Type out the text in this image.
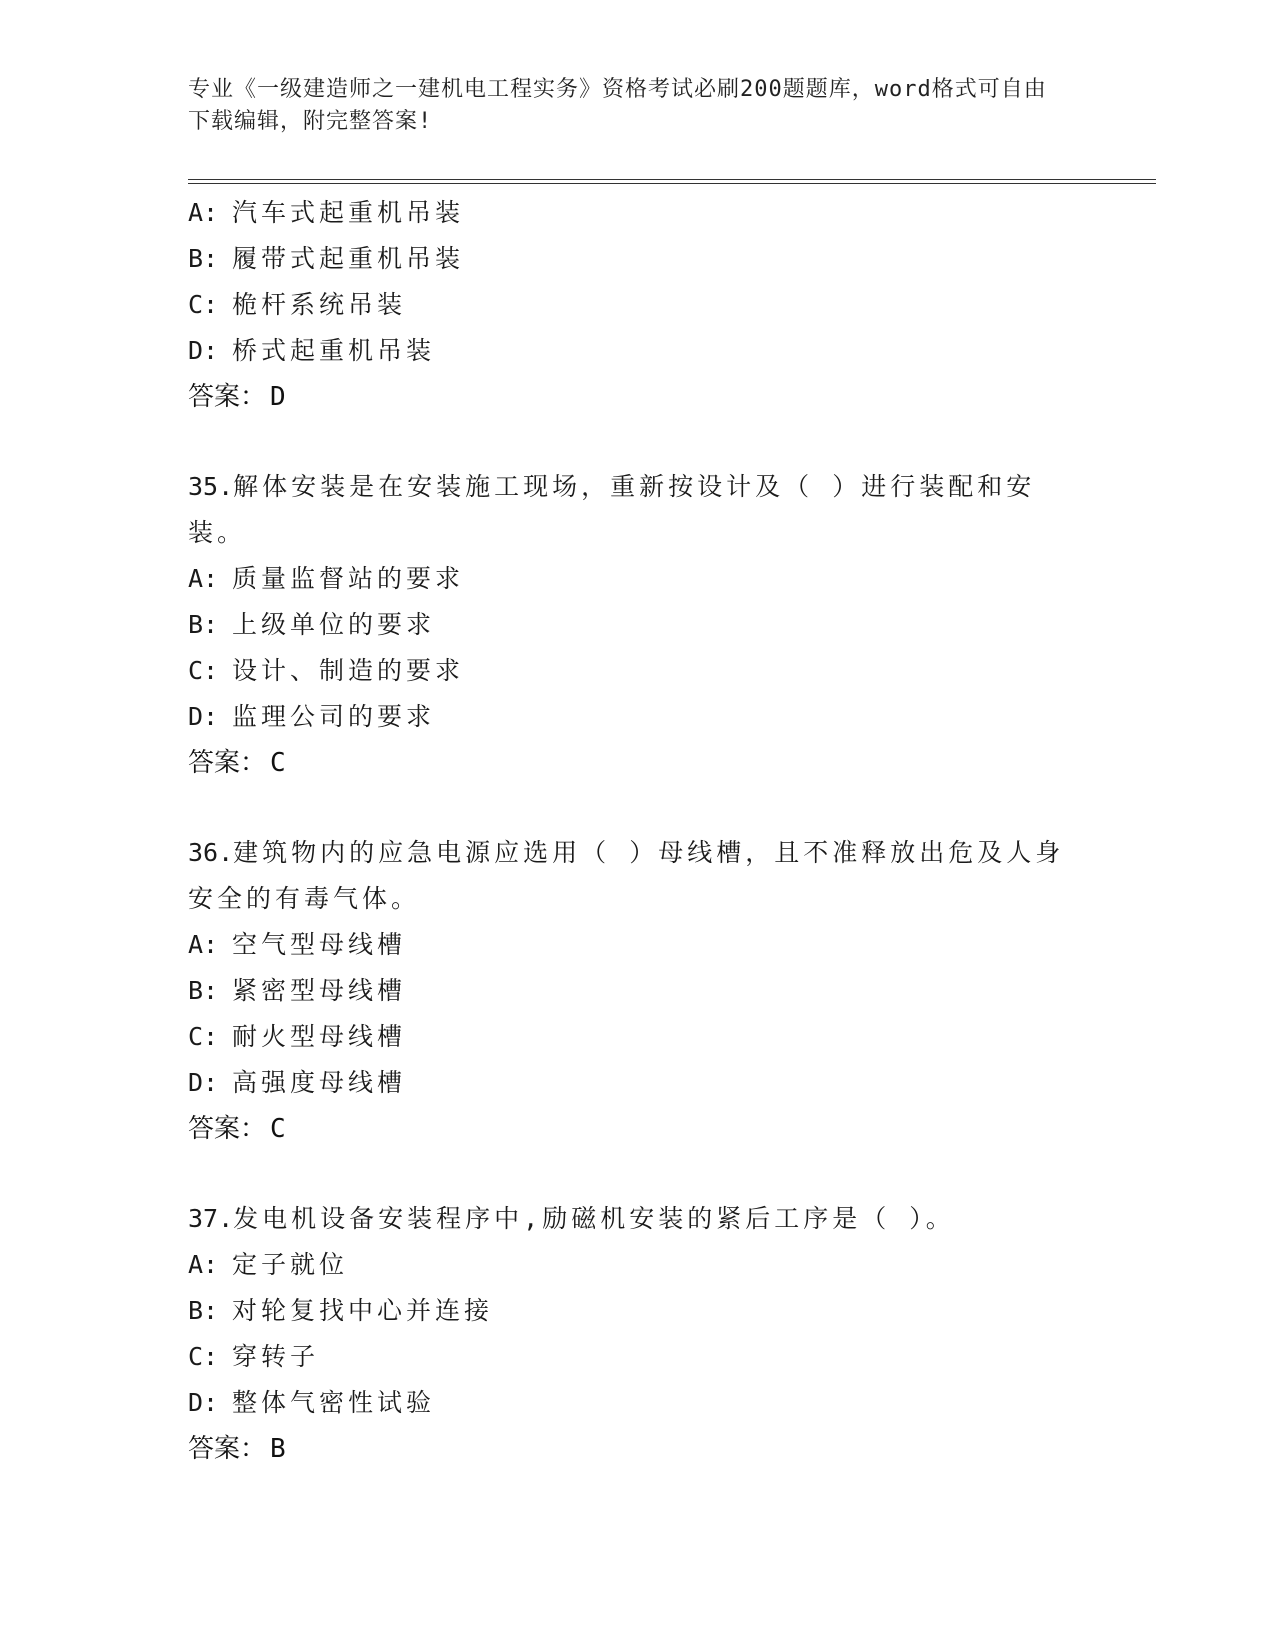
专业《一级建造师之一建机电工程实务》资格考试必刷200题题库，word格式可自由下载编辑，附完整答案!
A: 汽车式起重机吊装
B: 履带式起重机吊装
C: 桅杆系统吊装
D: 桥式起重机吊装
答案： D
35.解体安装是在安装施工现场，重新按设计及（ ）进行装配和安装。
A: 质量监督站的要求
B: 上级单位的要求
C: 设计、制造的要求
D: 监理公司的要求
答案： C
36.建筑物内的应急电源应选用（ ）母线槽，且不准释放出危及人身安全的有毒气体。
A: 空气型母线槽
B: 紧密型母线槽
C: 耐火型母线槽
D: 高强度母线槽
答案： C
37.发电机设备安装程序中,励磁机安装的紧后工序是（ ）。
A: 定子就位
B: 对轮复找中心并连接
C: 穿转子
D: 整体气密性试验
答案： B
